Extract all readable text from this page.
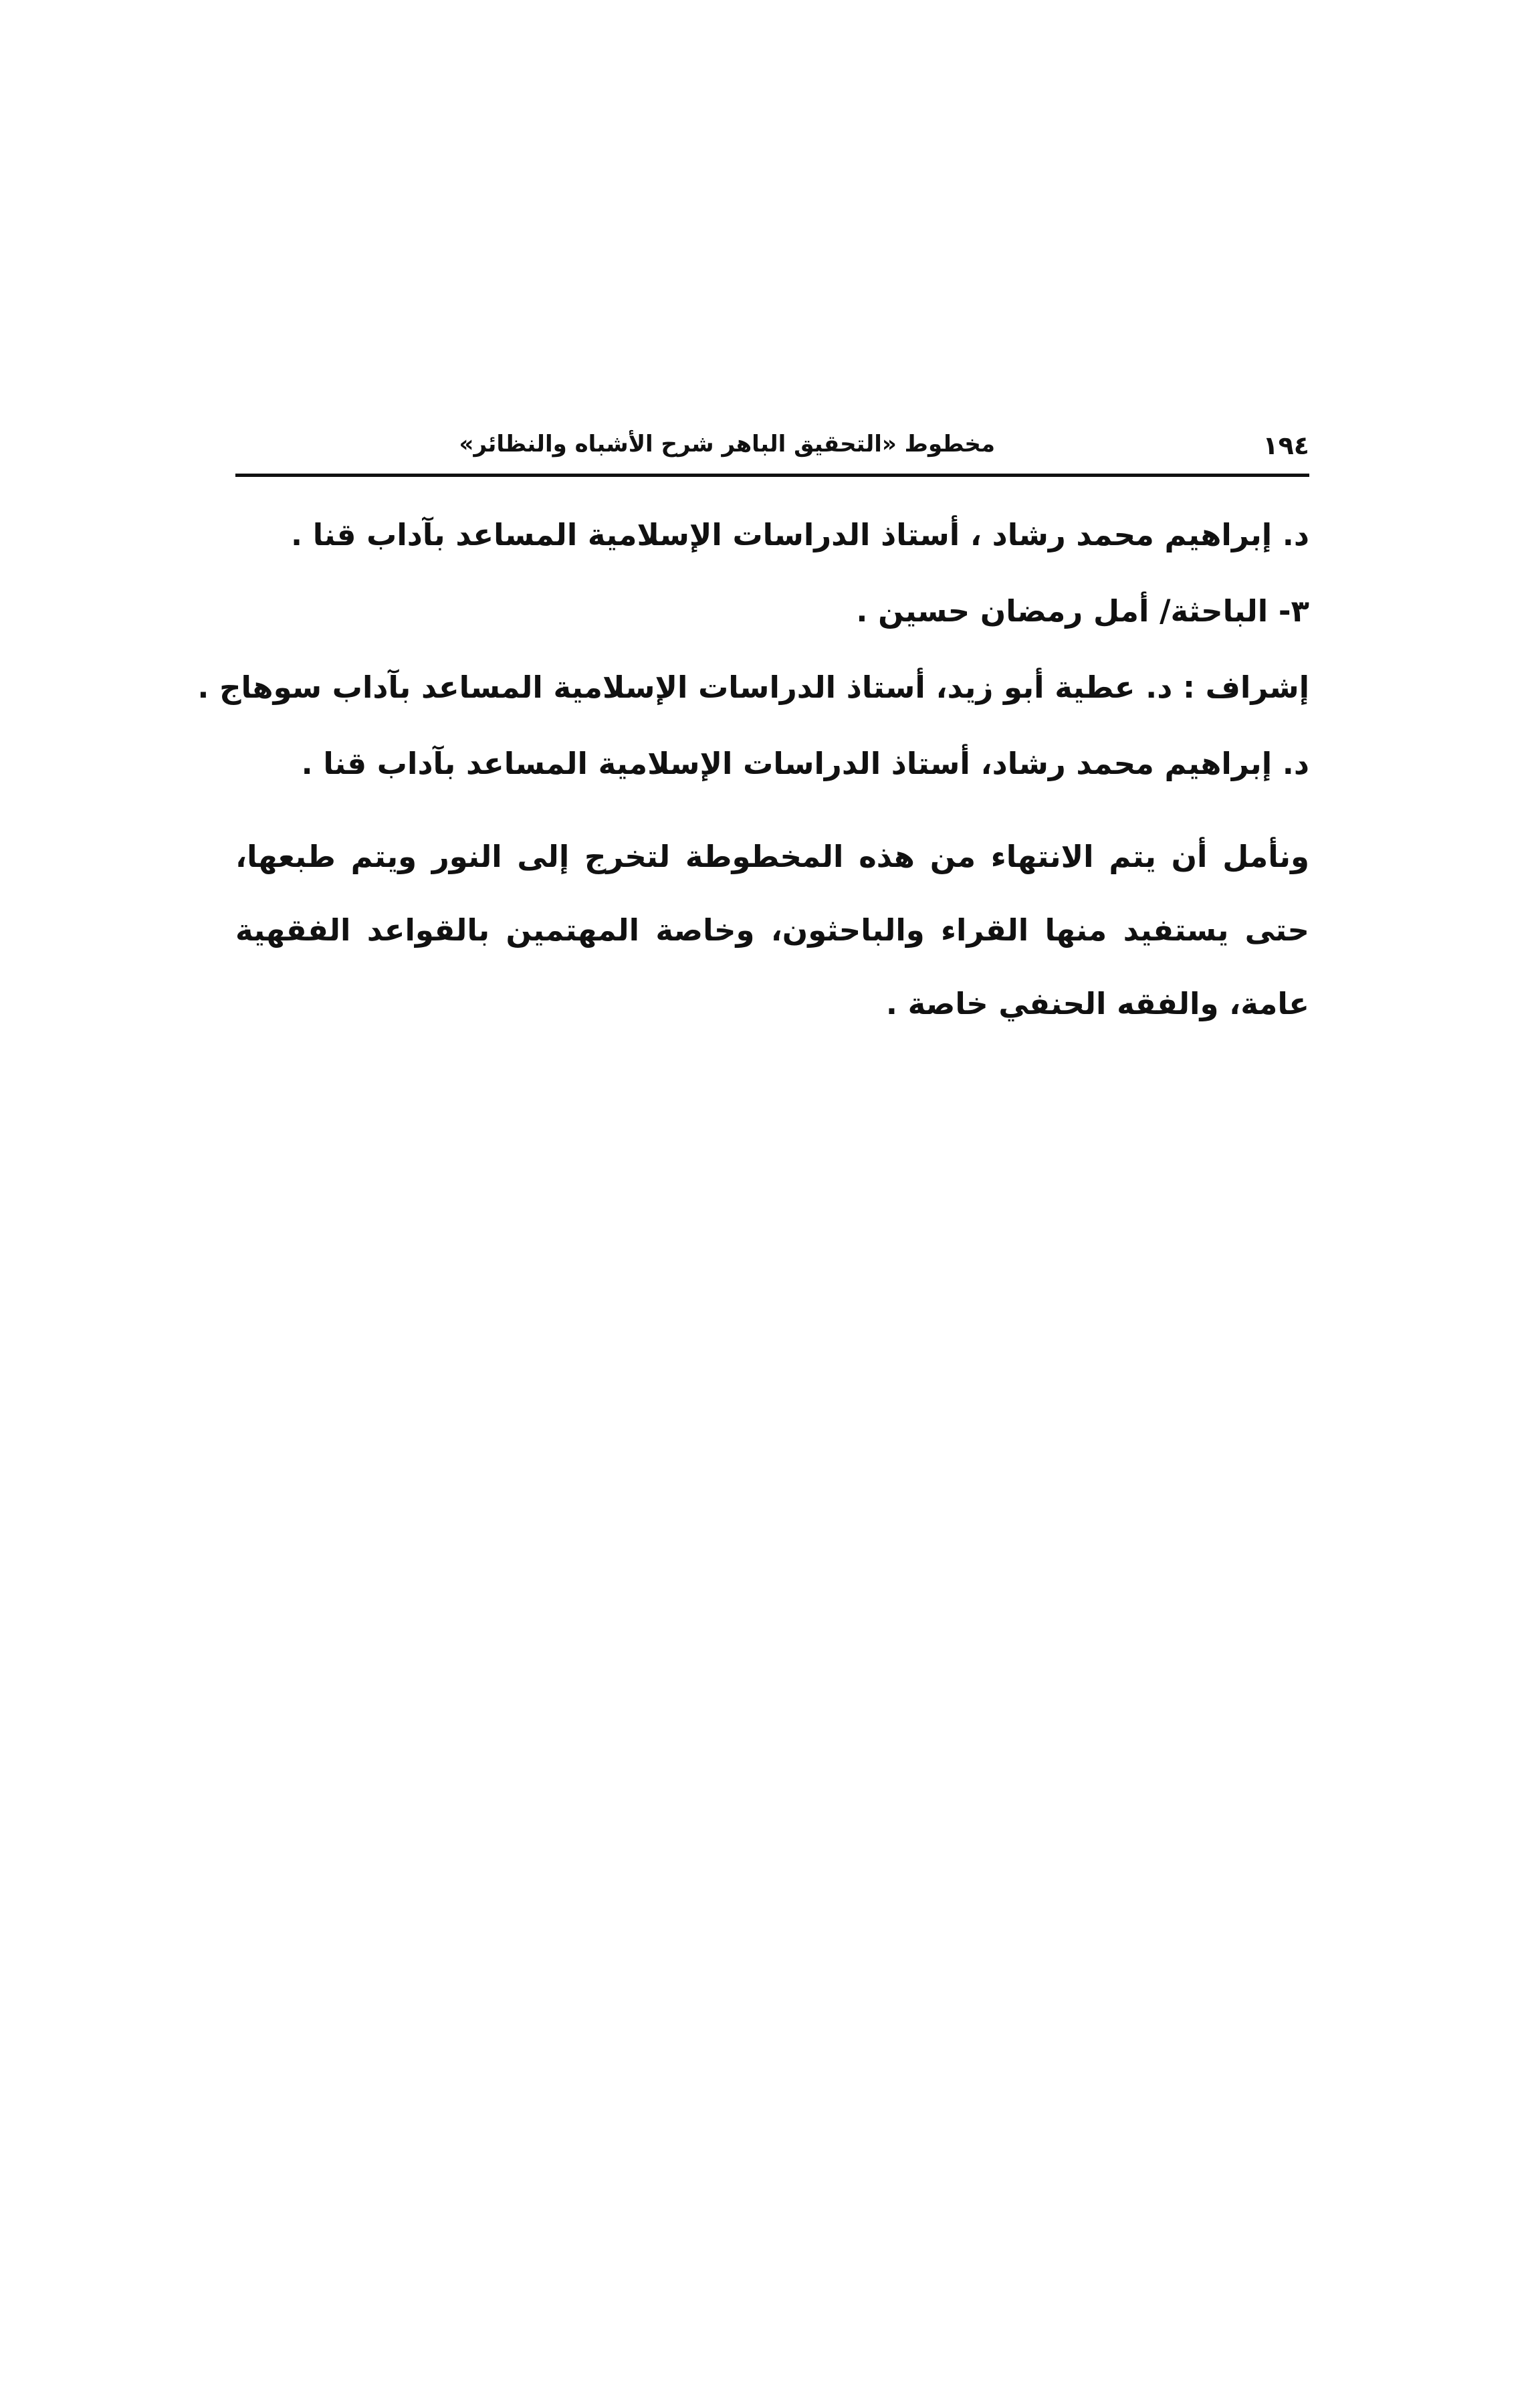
١٩٤
مخطوط «التحقيق الباهر شرح الأشباه والنظائر»

د. إبراهيم محمد رشاد ، أستاذ الدراسات الإسلامية المساعد بآداب قنا .

٣- الباحثة/ أمل رمضان حسين .

إشراف : د. عطية أبو زيد، أستاذ الدراسات الإسلامية المساعد بآداب سوهاج .

د. إبراهيم محمد رشاد، أستاذ الدراسات الإسلامية المساعد بآداب قنا .

ونأمل أن يتم الانتهاء من هذه المخطوطة لتخرج إلى النور ويتم طبعها، حتى يستفيد منها القراء والباحثون، وخاصة المهتمين بالقواعد الفقهية عامة، والفقه الحنفي خاصة .
